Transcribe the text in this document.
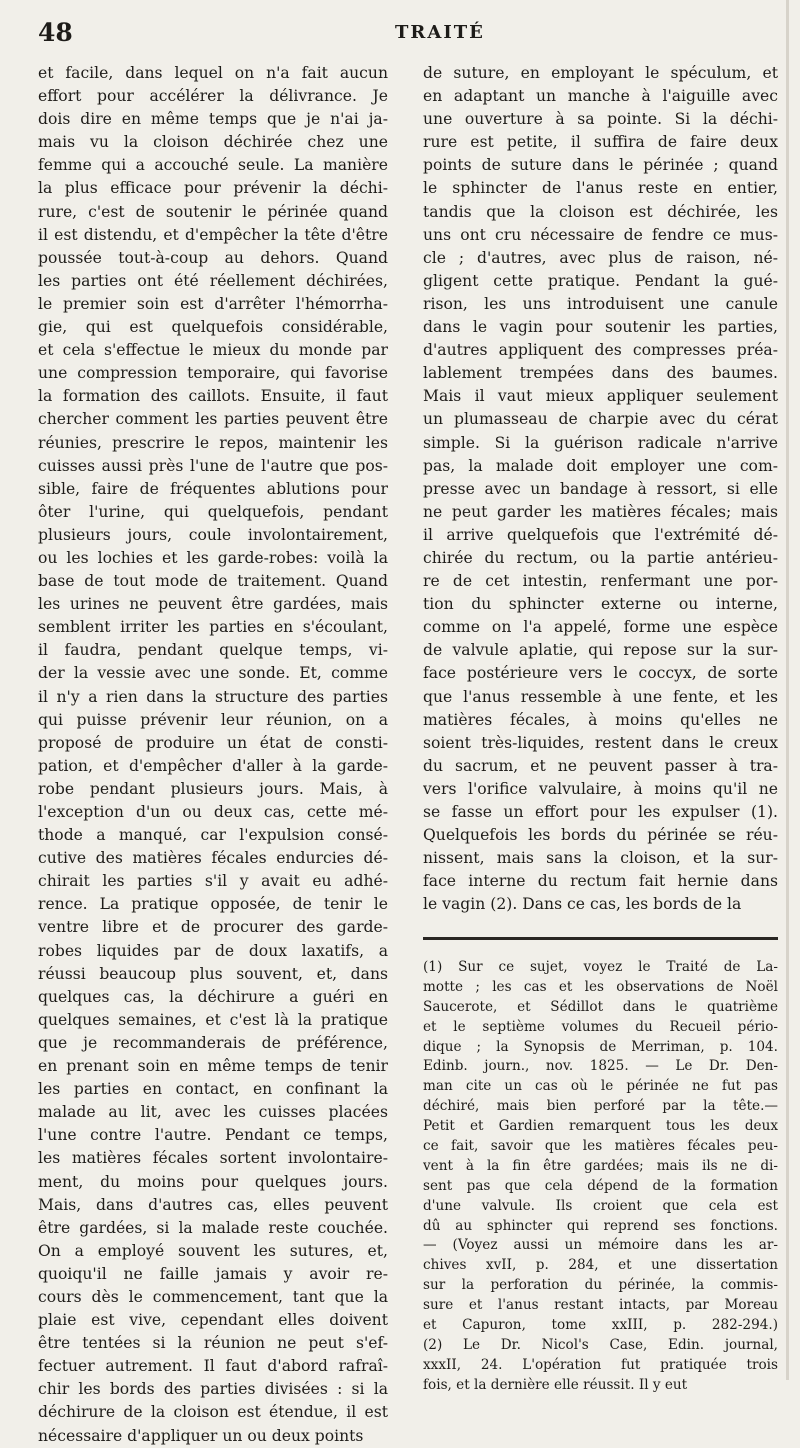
48	TRAITÉ
et facile, dans lequel on n'a fait aucun
effort pour accélérer la délivrance. Je
dois dire en même temps que je n'ai ja-
mais vu la cloison déchirée chez une
femme qui a accouché seule. La manière
la plus efficace pour prévenir la déchi-
rure, c'est de soutenir le périnée quand
il est distendu, et d'empêcher la tête d'être
poussée tout-à-coup au dehors. Quand
les parties ont été réellement déchirées,
le premier soin est d'arrêter l'hémorrha-
gie, qui est quelquefois considérable,
et cela s'effectue le mieux du monde par
une compression temporaire, qui favorise
la formation des caillots. Ensuite, il faut
chercher comment les parties peuvent être
réunies, prescrire le repos, maintenir les
cuisses aussi près l'une de l'autre que pos-
sible, faire de fréquentes ablutions pour
ôter l'urine, qui quelquefois, pendant
plusieurs jours, coule involontairement,
ou les lochies et les garde-robes: voilà la
base de tout mode de traitement. Quand
les urines ne peuvent être gardées, mais
semblent irriter les parties en s'écoulant,
il faudra, pendant quelque temps, vi-
der la vessie avec une sonde. Et, comme
il n'y a rien dans la structure des parties
qui puisse prévenir leur réunion, on a
proposé de produire un état de consti-
pation, et d'empêcher d'aller à la garde-
robe pendant plusieurs jours. Mais, à
l'exception d'un ou deux cas, cette mé-
thode a manqué, car l'expulsion consé-
cutive des matières fécales endurcies dé-
chirait les parties s'il y avait eu adhé-
rence. La pratique opposée, de tenir le
ventre libre et de procurer des garde-
robes liquides par de doux laxatifs, a
réussi beaucoup plus souvent, et, dans
quelques cas, la déchirure a guéri en
quelques semaines, et c'est là la pratique
que je recommanderais de préférence,
en prenant soin en même temps de tenir
les parties en contact, en confinant la
malade au lit, avec les cuisses placées
l'une contre l'autre. Pendant ce temps,
les matières fécales sortent involontaire-
ment, du moins pour quelques jours.
Mais, dans d'autres cas, elles peuvent
être gardées, si la malade reste couchée.
On a employé souvent les sutures, et,
quoiqu'il ne faille jamais y avoir re-
cours dès le commencement, tant que la
plaie est vive, cependant elles doivent
être tentées si la réunion ne peut s'ef-
fectuer autrement. Il faut d'abord rafraî-
chir les bords des parties divisées : si la
déchirure de la cloison est étendue, il est
nécessaire d'appliquer un ou deux points
de suture, en employant le spéculum, et
en adaptant un manche à l'aiguille avec
une ouverture à sa pointe. Si la déchi-
rure est petite, il suffira de faire deux
points de suture dans le périnée ; quand
le sphincter de l'anus reste en entier,
tandis que la cloison est déchirée, les
uns ont cru nécessaire de fendre ce mus-
cle ; d'autres, avec plus de raison, né-
gligent cette pratique. Pendant la gué-
rison, les uns introduisent une canule
dans le vagin pour soutenir les parties,
d'autres appliquent des compresses préa-
lablement trempées dans des baumes.
Mais il vaut mieux appliquer seulement
un plumasseau de charpie avec du cérat
simple. Si la guérison radicale n'arrive
pas, la malade doit employer une com-
presse avec un bandage à ressort, si elle
ne peut garder les matières fécales; mais
il arrive quelquefois que l'extrémité dé-
chirée du rectum, ou la partie antérieu-
re de cet intestin, renfermant une por-
tion du sphincter externe ou interne,
comme on l'a appelé, forme une espèce
de valvule aplatie, qui repose sur la sur-
face postérieure vers le coccyx, de sorte
que l'anus ressemble à une fente, et les
matières fécales, à moins qu'elles ne
soient très-liquides, restent dans le creux
du sacrum, et ne peuvent passer à tra-
vers l'orifice valvulaire, à moins qu'il ne
se fasse un effort pour les expulser (1).
Quelquefois les bords du périnée se réu-
nissent, mais sans la cloison, et la sur-
face interne du rectum fait hernie dans
le vagin (2). Dans ce cas, les bords de la
(1) Sur ce sujet, voyez le Traité de La-
motte ; les cas et les observations de Noël
Saucerote, et Sédillot dans le quatrième
et le septième volumes du Recueil pério-
dique ; la Synopsis de Merriman, p. 104.
Edinb. journ., nov. 1825. — Le Dr. Den-
man cite un cas où le périnée ne fut pas
déchiré, mais bien perforé par la tête.—
Petit et Gardien remarquent tous les deux
ce fait, savoir que les matières fécales peu-
vent à la fin être gardées; mais ils ne di-
sent pas que cela dépend de la formation
d'une valvule. Ils croient que cela est
dû au sphincter qui reprend ses fonctions.
— (Voyez aussi un mémoire dans les ar-
chives xvII, p. 284, et une dissertation
sur la perforation du périnée, la commis-
sure et l'anus restant intacts, par Moreau
et Capuron, tome xxIII, p. 282-294.)
(2) Le Dr. Nicol's Case, Edin. journal,
xxxII, 24. L'opération fut pratiquée trois
fois, et la dernière elle réussit. Il y eut
